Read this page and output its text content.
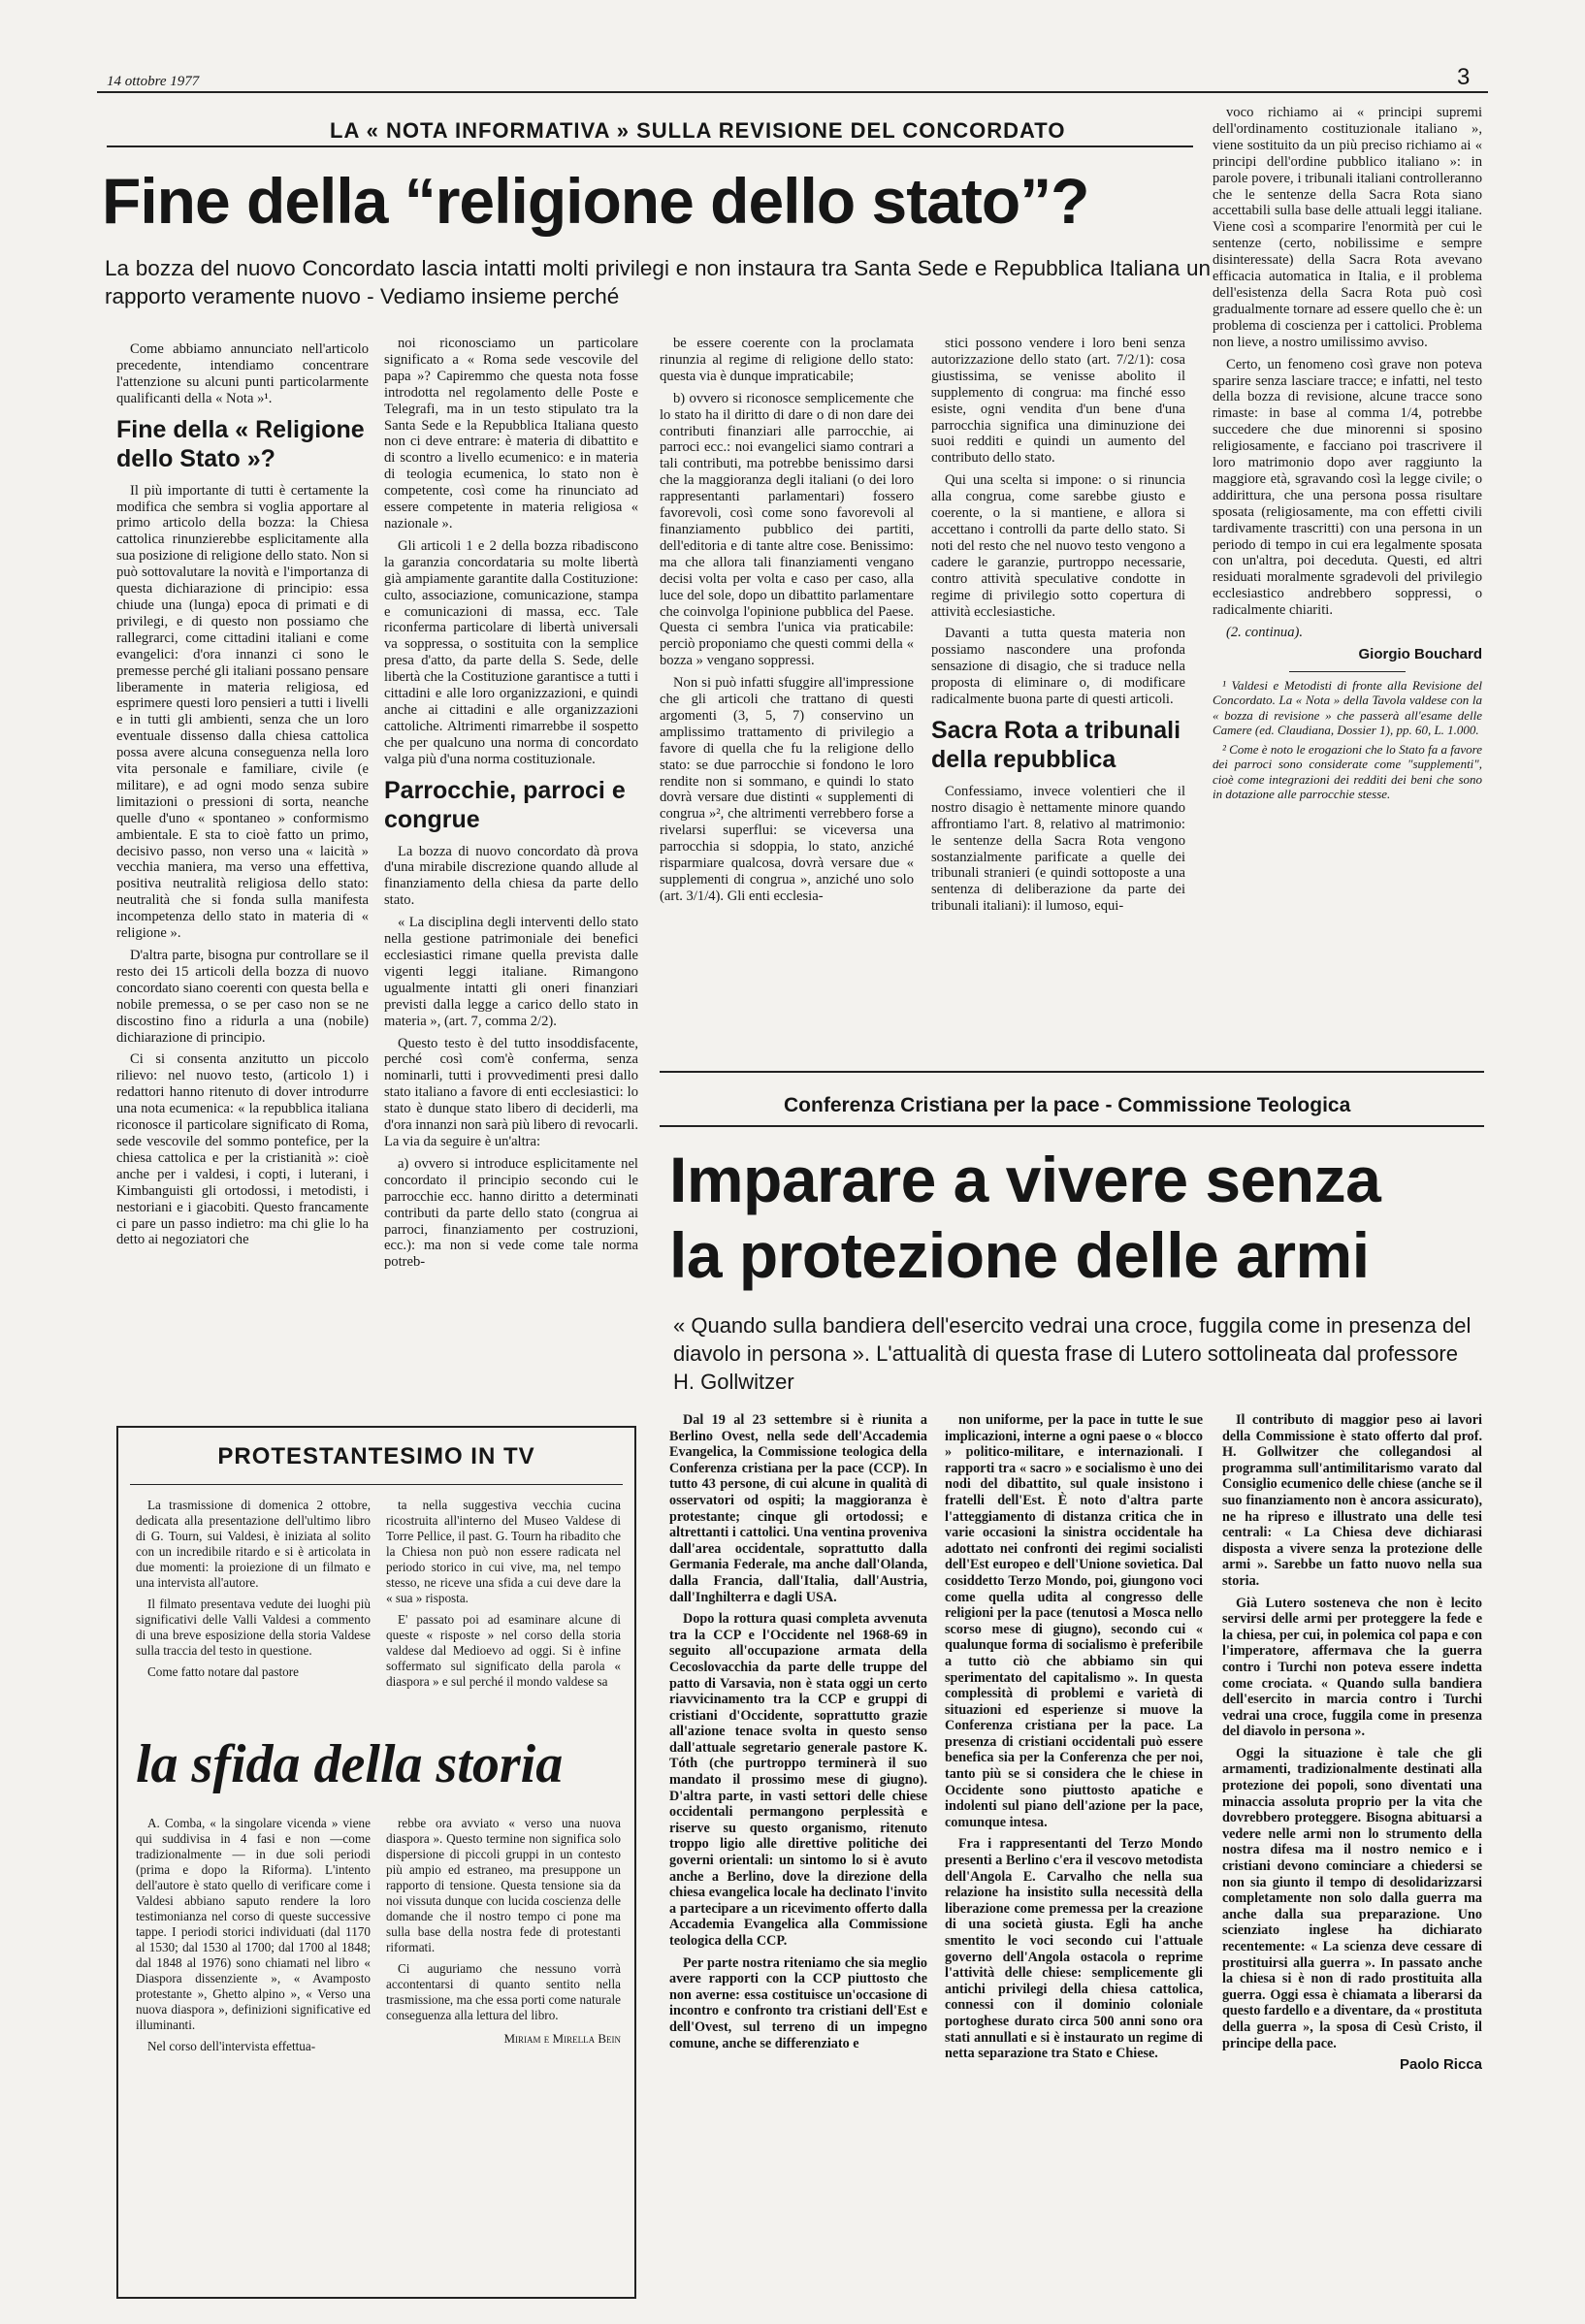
14 ottobre 1977	3
LA « NOTA INFORMATIVA » SULLA REVISIONE DEL CONCORDATO
Fine della “religione dello stato”?
La bozza del nuovo Concordato lascia intatti molti privilegi e non instaura tra Santa Sede e Repubblica Italiana un rapporto veramente nuovo - Vediamo insieme perché

Come abbiamo annunciato nell'articolo precedente, intendiamo concentrare l'attenzione su alcuni punti particolarmente qualificanti della « Nota »¹.

Fine della « Religione dello Stato »?

Il più importante di tutti è certamente la modifica che sembra si voglia apportare al primo articolo della bozza: la Chiesa cattolica rinunzierebbe esplicitamente alla sua posizione di religione dello stato. Non si può sottovalutare la novità e l'importanza di questa dichiarazione di principio: essa chiude una (lunga) epoca di primati e di privilegi, e di questo non possiamo che rallegrarci, come cittadini italiani e come evangelici: d'ora innanzi ci sono le premesse perché gli italiani possano pensare liberamente in materia religiosa, ed esprimere questi loro pensieri a tutti i livelli e in tutti gli ambienti, senza che un loro eventuale dissenso dalla chiesa cattolica possa avere alcuna conseguenza nella loro vita personale e familiare, civile (e militare), e ad ogni modo senza subire limitazioni o pressioni di sorta, neanche quelle d'uno « spontaneo » conformismo ambientale. E sta to cioè fatto un primo, decisivo passo, non verso una « laicità » vecchia maniera, ma verso una effettiva, positiva neutralità religiosa dello stato: neutralità che si fonda sulla manifesta incompetenza dello stato in materia di « religione ».

D'altra parte, bisogna pur controllare se il resto dei 15 articoli della bozza di nuovo concordato siano coerenti con questa bella e nobile premessa, o se per caso non se ne discostino fino a ridurla a una (nobile) dichiarazione di principio.

Ci si consenta anzitutto un piccolo rilievo: nel nuovo testo, (articolo 1) i redattori hanno ritenuto di dover introdurre una nota ecumenica: « la repubblica italiana riconosce il particolare significato di Roma, sede vescovile del sommo pontefice, per la chiesa cattolica e per la cristianità »: cioè anche per i valdesi, i copti, i luterani, i Kimbanguisti gli ortodossi, i metodisti, i nestoriani e i giacobiti. Questo francamente ci pare un passo indietro: ma chi glie lo ha detto ai negoziatori che

noi riconosciamo un particolare significato a « Roma sede vescovile del papa »? Capiremmo che questa nota fosse introdotta nel regolamento delle Poste e Telegrafi, ma in un testo stipulato tra la Santa Sede e la Repubblica Italiana questo non ci deve entrare: è materia di dibattito e di scontro a livello ecumenico: e in materia di teologia ecumenica, lo stato non è competente, così come ha rinunciato ad essere competente in materia religiosa « nazionale ».

Gli articoli 1 e 2 della bozza ribadiscono la garanzia concordataria su molte libertà già ampiamente garantite dalla Costituzione: culto, associazione, comunicazione, stampa e comunicazioni di massa, ecc. Tale riconferma particolare di libertà universali va soppressa, o sostituita con la semplice presa d'atto, da parte della S. Sede, delle libertà che la Costituzione garantisce a tutti i cittadini e alle loro organizzazioni, e quindi anche ai cittadini e alle organizzazioni cattoliche. Altrimenti rimarrebbe il sospetto che per qualcuno una norma di concordato valga più d'una norma costituzionale.

Parrocchie, parroci e congrue

La bozza di nuovo concordato dà prova d'una mirabile discrezione quando allude al finanziamento della chiesa da parte dello stato.

« La disciplina degli interventi dello stato nella gestione patrimoniale dei benefici ecclesiastici rimane quella prevista dalle vigenti leggi italiane. Rimangono ugualmente intatti gli oneri finanziari previsti dalla legge a carico dello stato in materia », (art. 7, comma 2/2).

Questo testo è del tutto insoddisfacente, perché così com'è conferma, senza nominarli, tutti i provvedimenti presi dallo stato italiano a favore di enti ecclesiastici: lo stato è dunque stato libero di deciderli, ma d'ora innanzi non sarà più libero di revocarli. La via da seguire è un'altra:

a) ovvero si introduce esplicitamente nel concordato il principio secondo cui le parrocchie ecc. hanno diritto a determinati contributi da parte dello stato (congrua ai parroci, finanziamento per costruzioni, ecc.): ma non si vede come tale norma potreb-

be essere coerente con la proclamata rinunzia al regime di religione dello stato: questa via è dunque impraticabile;

b) ovvero si riconosce semplicemente che lo stato ha il diritto di dare o di non dare dei contributi finanziari alle parrocchie, ai parroci ecc.: noi evangelici siamo contrari a tali contributi, ma potrebbe benissimo darsi che la maggioranza degli italiani (o dei loro rappresentanti parlamentari) fossero favorevoli, così come sono favorevoli al finanziamento pubblico dei partiti, dell'editoria e di tante altre cose. Benissimo: ma che allora tali finanziamenti vengano decisi volta per volta e caso per caso, alla luce del sole, dopo un dibattito parlamentare che coinvolga l'opinione pubblica del Paese. Questa ci sembra l'unica via praticabile: perciò proponiamo che questi commi della « bozza » vengano soppressi.

Non si può infatti sfuggire all'impressione che gli articoli che trattano di questi argomenti (3, 5, 7) conservino un amplissimo trattamento di privilegio a favore di quella che fu la religione dello stato: se due parrocchie si fondono le loro rendite non si sommano, e quindi lo stato dovrà versare due distinti « supplementi di congrua »², che altrimenti verrebbero forse a rivelarsi superflui: se viceversa una parrocchia si sdoppia, lo stato, anziché risparmiare qualcosa, dovrà versare due « supplementi di congrua », anziché uno solo (art. 3/1/4). Gli enti ecclesia-

stici possono vendere i loro beni senza autorizzazione dello stato (art. 7/2/1): cosa giustissima, se venisse abolito il supplemento di congrua: ma finché esso esiste, ogni vendita d'un bene d'una parrocchia significa una diminuzione dei suoi redditi e quindi un aumento del contributo dello stato.

Qui una scelta si impone: o si rinuncia alla congrua, come sarebbe giusto e coerente, o la si mantiene, e allora si accettano i controlli da parte dello stato. Si noti del resto che nel nuovo testo vengono a cadere le garanzie, purtroppo necessarie, contro attività speculative condotte in regime di privilegio sotto copertura di attività ecclesiastiche.

Davanti a tutta questa materia non possiamo nascondere una profonda sensazione di disagio, che si traduce nella proposta di eliminare o, di modificare radicalmente buona parte di questi articoli.

Sacra Rota a tribunali della repubblica

Confessiamo, invece volentieri che il nostro disagio è nettamente minore quando affrontiamo l'art. 8, relativo al matrimonio: le sentenze della Sacra Rota vengono sostanzialmente parificate a quelle dei tribunali stranieri (e quindi sottoposte a una sentenza di deliberazione da parte dei tribunali italiani): il lumoso, equi-

voco richiamo ai « principi supremi dell'ordinamento costituzionale italiano », viene sostituito da un più preciso richiamo ai « principi dell'ordine pubblico italiano »: in parole povere, i tribunali italiani controlleranno che le sentenze della Sacra Rota siano accettabili sulla base delle attuali leggi italiane. Viene così a scomparire l'enormità per cui le sentenze (certo, nobilissime e sempre disinteressate) della Sacra Rota avevano efficacia automatica in Italia, e il problema dell'esistenza della Sacra Rota può così gradualmente tornare ad essere quello che è: un problema di coscienza per i cattolici. Problema non lieve, a nostro umilissimo avviso.

Certo, un fenomeno così grave non poteva sparire senza lasciare tracce; e infatti, nel testo della bozza di revisione, alcune tracce sono rimaste: in base al comma 1/4, potrebbe succedere che due minorenni si sposino religiosamente, e facciano poi trascrivere il loro matrimonio dopo aver raggiunto la maggiore età, sgravando così la legge civile; o addirittura, che una persona possa risultare sposata (religiosamente, ma con effetti civili tardivamente trascritti) con una persona in un periodo di tempo in cui era legalmente sposata con un'altra, poi deceduta. Questi, ed altri residuati moralmente sgradevoli del privilegio ecclesiastico andrebbero soppressi, o radicalmente chiariti.

(2. continua).
Giorgio Bouchard

¹ Valdesi e Metodisti di fronte alla Revisione del Concordato. La « Nota » della Tavola valdese con la « bozza di revisione » che passerà all'esame delle Camere (ed. Claudiana, Dossier 1), pp. 60, L. 1.000.

² Come è noto le erogazioni che lo Stato fa a favore dei parroci sono considerate come "supplementi", cioè come integrazioni dei redditi dei beni che sono in dotazione alle parrocchie stesse.

Conferenza Cristiana per la pace - Commissione Teologica
Imparare a vivere senza
la protezione delle armi
« Quando sulla bandiera dell'esercito vedrai una croce, fuggila come in presenza del diavolo in persona ». L'attualità di questa frase di Lutero sottolineata dal professore H. Gollwitzer

Dal 19 al 23 settembre si è riunita a Berlino Ovest, nella sede dell'Accademia Evangelica, la Commissione teologica della Conferenza cristiana per la pace (CCP). In tutto 43 persone, di cui alcune in qualità di osservatori od ospiti; la maggioranza è protestante; cinque gli ortodossi; e altrettanti i cattolici. Una ventina proveniva dall'area occidentale, soprattutto dalla Germania Federale, ma anche dall'Olanda, dalla Francia, dall'Italia, dall'Austria, dall'Inghilterra e dagli USA.

Dopo la rottura quasi completa avvenuta tra la CCP e l'Occidente nel 1968-69 in seguito all'occupazione armata della Cecoslovacchia da parte delle truppe del patto di Varsavia, non è stata oggi un certo riavvicinamento tra la CCP e gruppi di cristiani d'Occidente, soprattutto grazie all'azione tenace svolta in questo senso dall'attuale segretario generale pastore K. Tóth (che purtroppo terminerà il suo mandato il prossimo mese di giugno). D'altra parte, in vasti settori delle chiese occidentali permangono perplessità e riserve su questo organismo, ritenuto troppo ligio alle direttive politiche dei governi orientali: un sintomo lo si è avuto anche a Berlino, dove la direzione della chiesa evangelica locale ha declinato l'invito a partecipare a un ricevimento offerto dalla Accademia Evangelica alla Commissione teologica della CCP.

Per parte nostra riteniamo che sia meglio avere rapporti con la CCP piuttosto che non averne: essa costituisce un'occasione di incontro e confronto tra cristiani dell'Est e dell'Ovest, sul terreno di un impegno comune, anche se differenziato e

non uniforme, per la pace in tutte le sue implicazioni, interne a ogni paese o « blocco » politico-militare, e internazionali. I rapporti tra « sacro » e socialismo è uno dei nodi del dibattito, sul quale insistono i fratelli dell'Est. È noto d'altra parte l'atteggiamento di distanza critica che in varie occasioni la sinistra occidentale ha adottato nei confronti dei regimi socialisti dell'Est europeo e dell'Unione sovietica. Dal cosiddetto Terzo Mondo, poi, giungono voci come quella udita al congresso delle religioni per la pace (tenutosi a Mosca nello scorso mese di giugno), secondo cui « qualunque forma di socialismo è preferibile a tutto ciò che abbiamo sin qui sperimentato del capitalismo ». In questa complessità di problemi e varietà di situazioni ed esperienze si muove la Conferenza cristiana per la pace. La presenza di cristiani occidentali può essere benefica sia per la Conferenza che per noi, tanto più se si considera che le chiese in Occidente sono piuttosto apatiche e indolenti sul piano dell'azione per la pace, comunque intesa.

Fra i rappresentanti del Terzo Mondo presenti a Berlino c'era il vescovo metodista dell'Angola E. Carvalho che nella sua relazione ha insistito sulla necessità della liberazione come premessa per la creazione di una società giusta. Egli ha anche smentito le voci secondo cui l'attuale governo dell'Angola ostacola o reprime l'attività delle chiese: semplicemente gli antichi privilegi della chiesa cattolica, connessi con il dominio coloniale portoghese durato circa 500 anni sono ora stati annullati e si è instaurato un regime di netta separazione tra Stato e Chiese.

Il contributo di maggior peso ai lavori della Commissione è stato offerto dal prof. H. Gollwitzer che collegandosi al programma sull'antimilitarismo varato dal Consiglio ecumenico delle chiese (anche se il suo finanziamento non è ancora assicurato), ne ha ripreso e illustrato una delle tesi centrali: « La Chiesa deve dichiarasi disposta a vivere senza la protezione delle armi ». Sarebbe un fatto nuovo nella sua storia.

Già Lutero sosteneva che non è lecito servirsi delle armi per proteggere la fede e la chiesa, per cui, in polemica col papa e con l'imperatore, affermava che la guerra contro i Turchi non poteva essere indetta come crociata. « Quando sulla bandiera dell'esercito in marcia contro i Turchi vedrai una croce, fuggila come in presenza del diavolo in persona ».

Oggi la situazione è tale che gli armamenti, tradizionalmente destinati alla protezione dei popoli, sono diventati una minaccia assoluta proprio per la vita che dovrebbero proteggere. Bisogna abituarsi a vedere nelle armi non lo strumento della nostra difesa ma il nostro nemico e i cristiani devono cominciare a chiedersi se non sia giunto il tempo di desolidarizzarsi completamente non solo dalla guerra ma anche dalla sua preparazione. Uno scienziato inglese ha dichiarato recentemente: « La scienza deve cessare di prostituirsi alla guerra ». In passato anche la chiesa si è non di rado prostituita alla guerra. Oggi essa è chiamata a liberarsi da questo fardello e a diventare, da « prostituta della guerra », la sposa di Cesù Cristo, il principe della pace.

Paolo Ricca
PROTESTANTESIMO IN TV

La trasmissione di domenica 2 ottobre, dedicata alla presentazione dell'ultimo libro di G. Tourn, sui Valdesi, è iniziata al solito con un incredibile ritardo e si è articolata in due momenti: la proiezione di un filmato e una intervista all'autore.

Il filmato presentava vedute dei luoghi più significativi delle Valli Valdesi a commento di una breve esposizione della storia Valdese sulla traccia del testo in questione.

Come fatto notare dal pastore

ta nella suggestiva vecchia cucina ricostruita all'interno del Museo Valdese di Torre Pellice, il past. G. Tourn ha ribadito che la Chiesa non può non essere radicata nel periodo storico in cui vive, ma, nel tempo stesso, ne riceve una sfida a cui deve dare la « sua » risposta.

E' passato poi ad esaminare alcune di queste « risposte » nel corso della storia valdese dal Medioevo ad oggi. Si è infine soffermato sul significato della parola « diaspora » e sul perché il mondo valdese sa

la sfida della storia

A. Comba, « la singolare vicenda » viene qui suddivisa in 4 fasi e non —come tradizionalmente — in due soli periodi (prima e dopo la Riforma). L'intento dell'autore è stato quello di verificare come i Valdesi abbiano saputo rendere la loro testimonianza nel corso di queste successive tappe. I periodi storici individuati (dal 1170 al 1530; dal 1530 al 1700; dal 1700 al 1848; dal 1848 al 1976) sono chiamati nel libro « Diaspora dissenziente », « Avamposto protestante », Ghetto alpino », « Verso una nuova diaspora », definizioni significative ed illuminanti.

Nel corso dell'intervista effettua-

rebbe ora avviato « verso una nuova diaspora ». Questo termine non significa solo dispersione di piccoli gruppi in un contesto più ampio ed estraneo, ma presuppone un rapporto di tensione. Questa tensione sia da noi vissuta dunque con lucida coscienza delle domande che il nostro tempo ci pone ma sulla base della nostra fede di protestanti riformati.

Ci auguriamo che nessuno vorrà accontentarsi di quanto sentito nella trasmissione, ma che essa porti come naturale conseguenza alla lettura del libro.

Miriam e Mirella Bein
